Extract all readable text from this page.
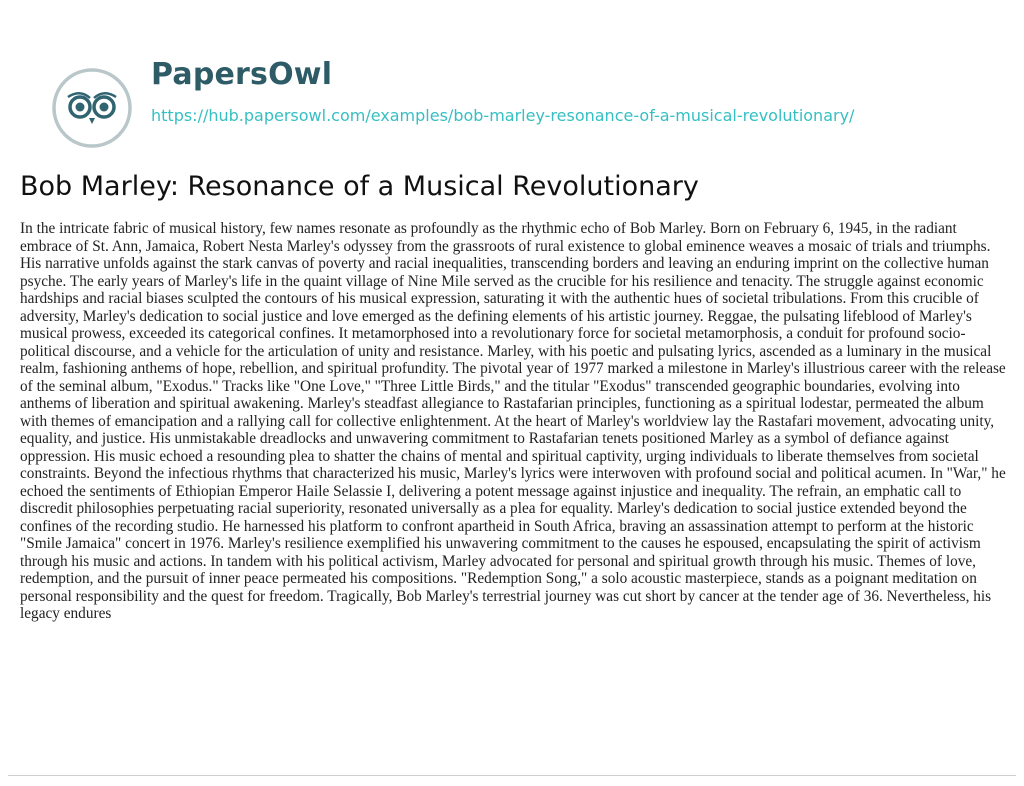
PapersOwl
https://hub.papersowl.com/examples/bob-marley-resonance-of-a-musical-revolutionary/
Bob Marley: Resonance of a Musical Revolutionary

In the intricate fabric of musical history, few names resonate as profoundly as the rhythmic echo of Bob Marley. Born on February 6, 1945, in the radiant embrace of St. Ann, Jamaica, Robert Nesta Marley's odyssey from the grassroots of rural existence to global eminence weaves a mosaic of trials and triumphs. His narrative unfolds against the stark canvas of poverty and racial inequalities, transcending borders and leaving an enduring imprint on the collective human psyche. The early years of Marley's life in the quaint village of Nine Mile served as the crucible for his resilience and tenacity. The struggle against economic hardships and racial biases sculpted the contours of his musical expression, saturating it with the authentic hues of societal tribulations. From this crucible of adversity, Marley's dedication to social justice and love emerged as the defining elements of his artistic journey. Reggae, the pulsating lifeblood of Marley's musical prowess, exceeded its categorical confines. It metamorphosed into a revolutionary force for societal metamorphosis, a conduit for profound socio-political discourse, and a vehicle for the articulation of unity and resistance. Marley, with his poetic and pulsating lyrics, ascended as a luminary in the musical realm, fashioning anthems of hope, rebellion, and spiritual profundity. The pivotal year of 1977 marked a milestone in Marley's illustrious career with the release of the seminal album, "Exodus." Tracks like "One Love," "Three Little Birds," and the titular "Exodus" transcended geographic boundaries, evolving into anthems of liberation and spiritual awakening. Marley's steadfast allegiance to Rastafarian principles, functioning as a spiritual lodestar, permeated the album with themes of emancipation and a rallying call for collective enlightenment. At the heart of Marley's worldview lay the Rastafari movement, advocating unity, equality, and justice. His unmistakable dreadlocks and unwavering commitment to Rastafarian tenets positioned Marley as a symbol of defiance against oppression. His music echoed a resounding plea to shatter the chains of mental and spiritual captivity, urging individuals to liberate themselves from societal constraints. Beyond the infectious rhythms that characterized his music, Marley's lyrics were interwoven with profound social and political acumen. In "War," he echoed the sentiments of Ethiopian Emperor Haile Selassie I, delivering a potent message against injustice and inequality. The refrain, an emphatic call to discredit philosophies perpetuating racial superiority, resonated universally as a plea for equality. Marley's dedication to social justice extended beyond the confines of the recording studio. He harnessed his platform to confront apartheid in South Africa, braving an assassination attempt to perform at the historic "Smile Jamaica" concert in 1976. Marley's resilience exemplified his unwavering commitment to the causes he espoused, encapsulating the spirit of activism through his music and actions. In tandem with his political activism, Marley advocated for personal and spiritual growth through his music. Themes of love, redemption, and the pursuit of inner peace permeated his compositions. "Redemption Song," a solo acoustic masterpiece, stands as a poignant meditation on personal responsibility and the quest for freedom. Tragically, Bob Marley's terrestrial journey was cut short by cancer at the tender age of 36. Nevertheless, his legacy endures
